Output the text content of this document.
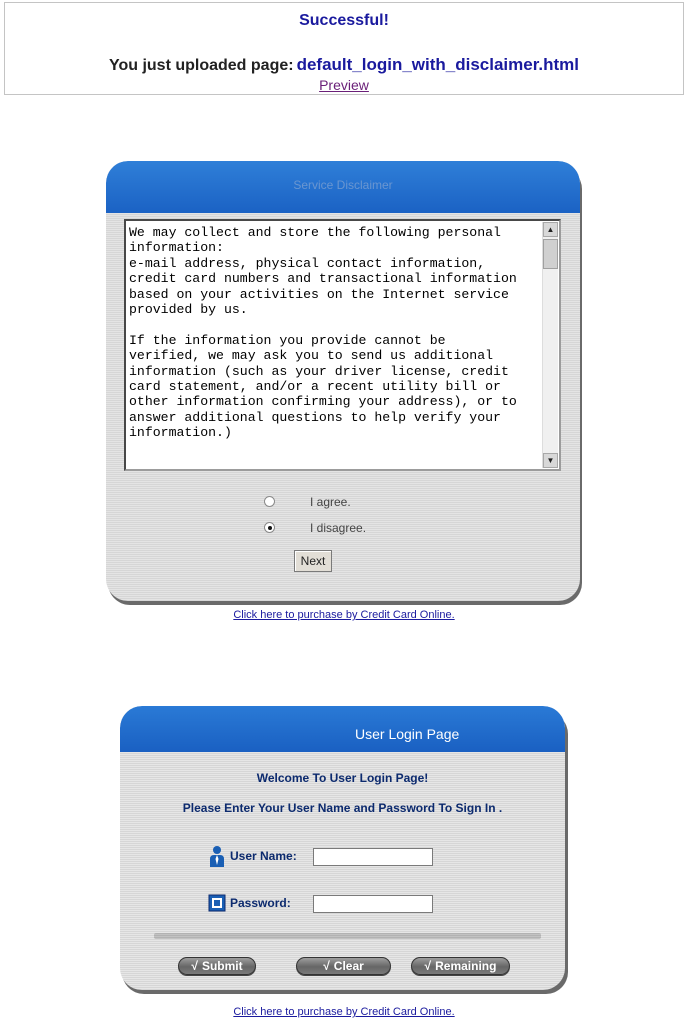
Successful!
You just uploaded page: default_login_with_disclaimer.html
Preview
Service Disclaimer
We may collect and store the following personal
information:
e-mail address, physical contact information,
credit card numbers and transactional information
based on your activities on the Internet service
provided by us.

If the information you provide cannot be
verified, we may ask you to send us additional
information (such as your driver license, credit
card statement, and/or a recent utility bill or
other information confirming your address), or to
answer additional questions to help verify your
information.)
▲
▼
I agree.
I disagree.
Next
Click here to purchase by Credit Card Online.
User Login Page
Welcome To User Login Page!
Please Enter Your User Name and Password To Sign In .
User Name:
Password:
√ Submit	√ Clear	√ Remaining
Click here to purchase by Credit Card Online.
